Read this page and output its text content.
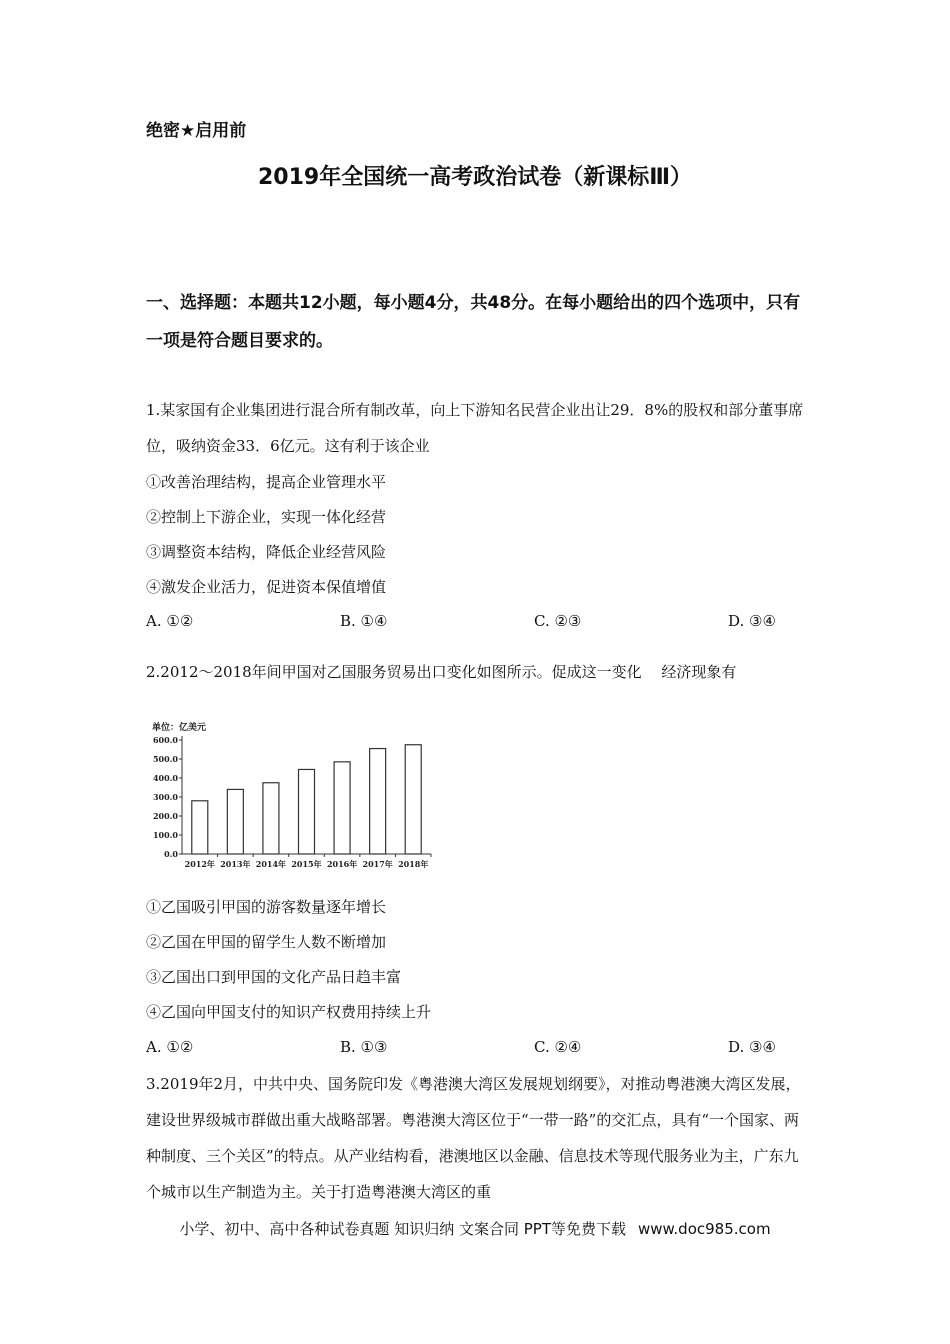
绝密★启用前
2019年全国统一高考政治试卷（新课标Ⅲ）
一、选择题：本题共12小题，每小题4分，共48分。在每小题给出的四个选项中，只有一项是符合题目要求的。
1.某家国有企业集团进行混合所有制改革，向上下游知名民营企业出让29．8%的股权和部分董事席位，吸纳资金33．6亿元。这有利于该企业
①改善治理结构，提高企业管理水平
②控制上下游企业，实现一体化经营
③调整资本结构，降低企业经营风险
④激发企业活力，促进资本保值增值
A. ①②	B. ①④	C. ②③	D. ③④
2.2012～2018年间甲国对乙国服务贸易出口变化如图所示。促成这一变化　 经济现象有
单位：亿美元
0.0
100.0
200.0
300.0
400.0
500.0
600.0
2012年 2013年 2014年 2015年 2016年 2017年 2018年
①乙国吸引甲国的游客数量逐年增长
②乙国在甲国的留学生人数不断增加
③乙国出口到甲国的文化产品日趋丰富
④乙国向甲国支付的知识产权费用持续上升
A. ①②	B. ①③	C. ②④	D. ③④
3.2019年2月，中共中央、国务院印发《粤港澳大湾区发展规划纲要》，对推动粤港澳大湾区发展，建设世界级城市群做出重大战略部署。粤港澳大湾区位于“一带一路”的交汇点，具有“一个国家、两种制度、三个关区”的特点。从产业结构看，港澳地区以金融、信息技术等现代服务业为主，广东九个城市以生产制造为主。关于打造粤港澳大湾区的重
小学、初中、高中各种试卷真题 知识归纳 文案合同 PPT等免费下载 www.doc985.com
